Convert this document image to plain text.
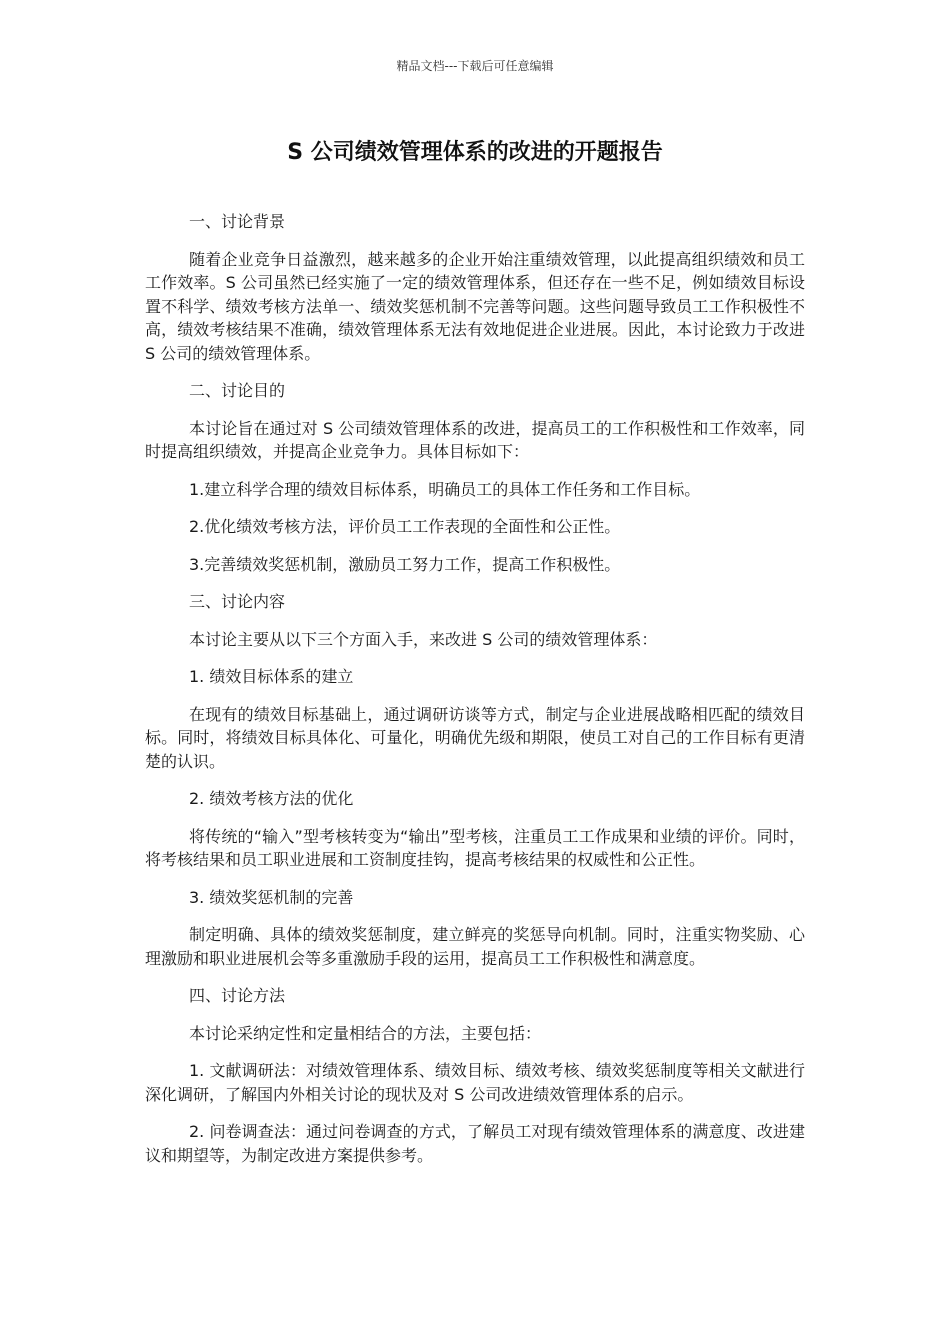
精品文档---下载后可任意编辑
S 公司绩效管理体系的改进的开题报告

一、讨论背景

随着企业竞争日益激烈，越来越多的企业开始注重绩效管理，以此提高组织绩效和员工工作效率。S 公司虽然已经实施了一定的绩效管理体系，但还存在一些不足，例如绩效目标设置不科学、绩效考核方法单一、绩效奖惩机制不完善等问题。这些问题导致员工工作积极性不高，绩效考核结果不准确，绩效管理体系无法有效地促进企业进展。因此，本讨论致力于改进 S 公司的绩效管理体系。

二、讨论目的

本讨论旨在通过对 S 公司绩效管理体系的改进，提高员工的工作积极性和工作效率，同时提高组织绩效，并提高企业竞争力。具体目标如下：

1.建立科学合理的绩效目标体系，明确员工的具体工作任务和工作目标。

2.优化绩效考核方法，评价员工工作表现的全面性和公正性。

3.完善绩效奖惩机制，激励员工努力工作，提高工作积极性。

三、讨论内容

本讨论主要从以下三个方面入手，来改进 S 公司的绩效管理体系：

1. 绩效目标体系的建立

在现有的绩效目标基础上，通过调研访谈等方式，制定与企业进展战略相匹配的绩效目标。同时，将绩效目标具体化、可量化，明确优先级和期限，使员工对自己的工作目标有更清楚的认识。

2. 绩效考核方法的优化

将传统的“输入”型考核转变为“输出”型考核，注重员工工作成果和业绩的评价。同时，将考核结果和员工职业进展和工资制度挂钩，提高考核结果的权威性和公正性。

3. 绩效奖惩机制的完善

制定明确、具体的绩效奖惩制度，建立鲜亮的奖惩导向机制。同时，注重实物奖励、心理激励和职业进展机会等多重激励手段的运用，提高员工工作积极性和满意度。

四、讨论方法

本讨论采纳定性和定量相结合的方法，主要包括：

1. 文献调研法：对绩效管理体系、绩效目标、绩效考核、绩效奖惩制度等相关文献进行深化调研，了解国内外相关讨论的现状及对 S 公司改进绩效管理体系的启示。

2. 问卷调查法：通过问卷调查的方式，了解员工对现有绩效管理体系的满意度、改进建议和期望等，为制定改进方案提供参考。
